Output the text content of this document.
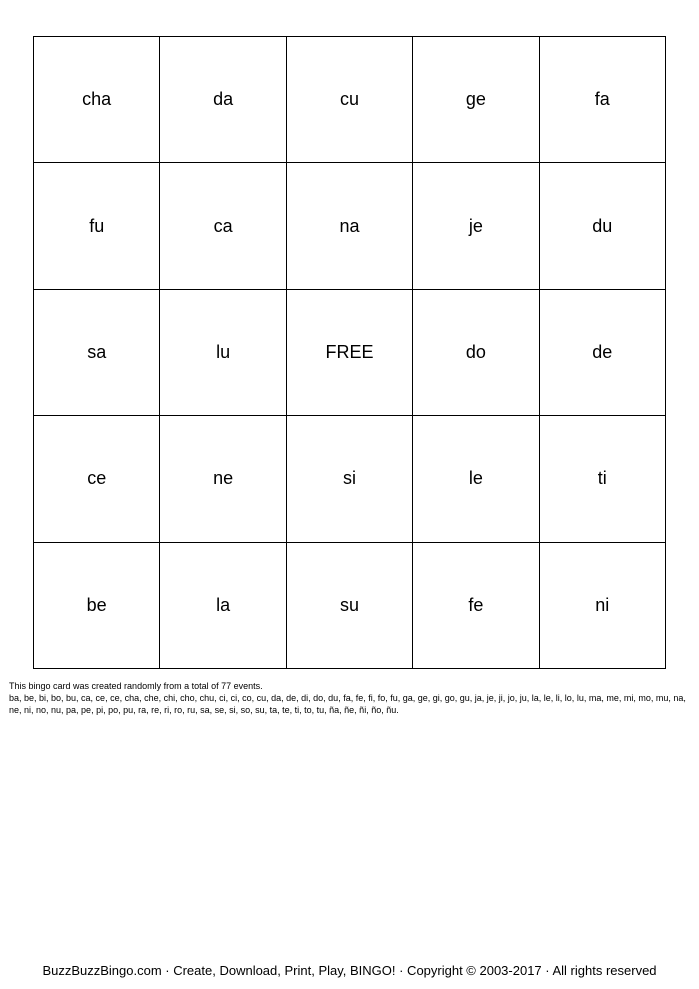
cha	da	cu	ge	fa
fu	ca	na	je	du
sa	lu	FREE	do	de
ce	ne	si	le	ti
be	la	su	fe	ni

This bingo card was created randomly from a total of 77 events.

ba, be, bi, bo, bu, ca, ce, ce, cha, che, chi, cho, chu, ci, ci, co, cu, da, de, di, do, du, fa, fe, fi, fo, fu, ga, ge, gi, go, gu, ja, je, ji, jo, ju, la, le, li, lo, lu, ma, me, mi, mo, mu, na, ne, ni, no, nu, pa, pe, pi, po, pu, ra, re, ri, ro, ru, sa, se, si, so, su, ta, te, ti, to, tu, ña, ñe, ñi, ño, ñu.

BuzzBuzzBingo.com · Create, Download, Print, Play, BINGO! · Copyright © 2003-2017 · All rights reserved
